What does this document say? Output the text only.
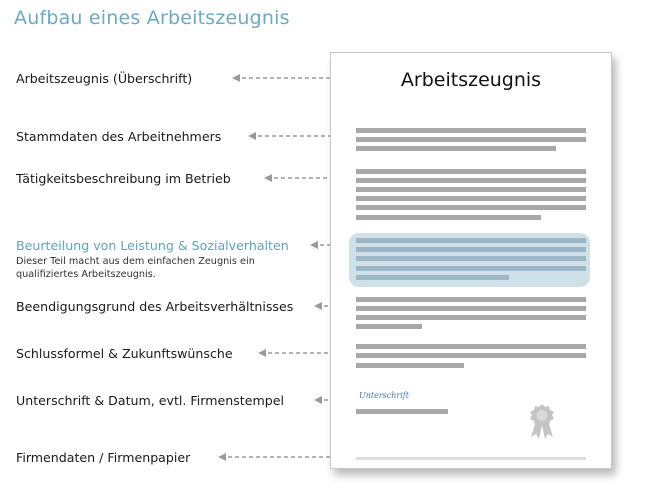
Aufbau eines Arbeitszeugnis
Arbeitszeugnis (Überschrift)
Stammdaten des Arbeitnehmers
Tätigkeitsbeschreibung im Betrieb
Beurteilung von Leistung & Sozialverhalten
Dieser Teil macht aus dem einfachen Zeugnis ein qualifiziertes Arbeitszeugnis.
Beendigungsgrund des Arbeitsverhältnisses
Schlussformel & Zukunftswünsche
Unterschrift & Datum, evtl. Firmenstempel
Firmendaten / Firmenpapier
Arbeitszeugnis
Unterschrift
